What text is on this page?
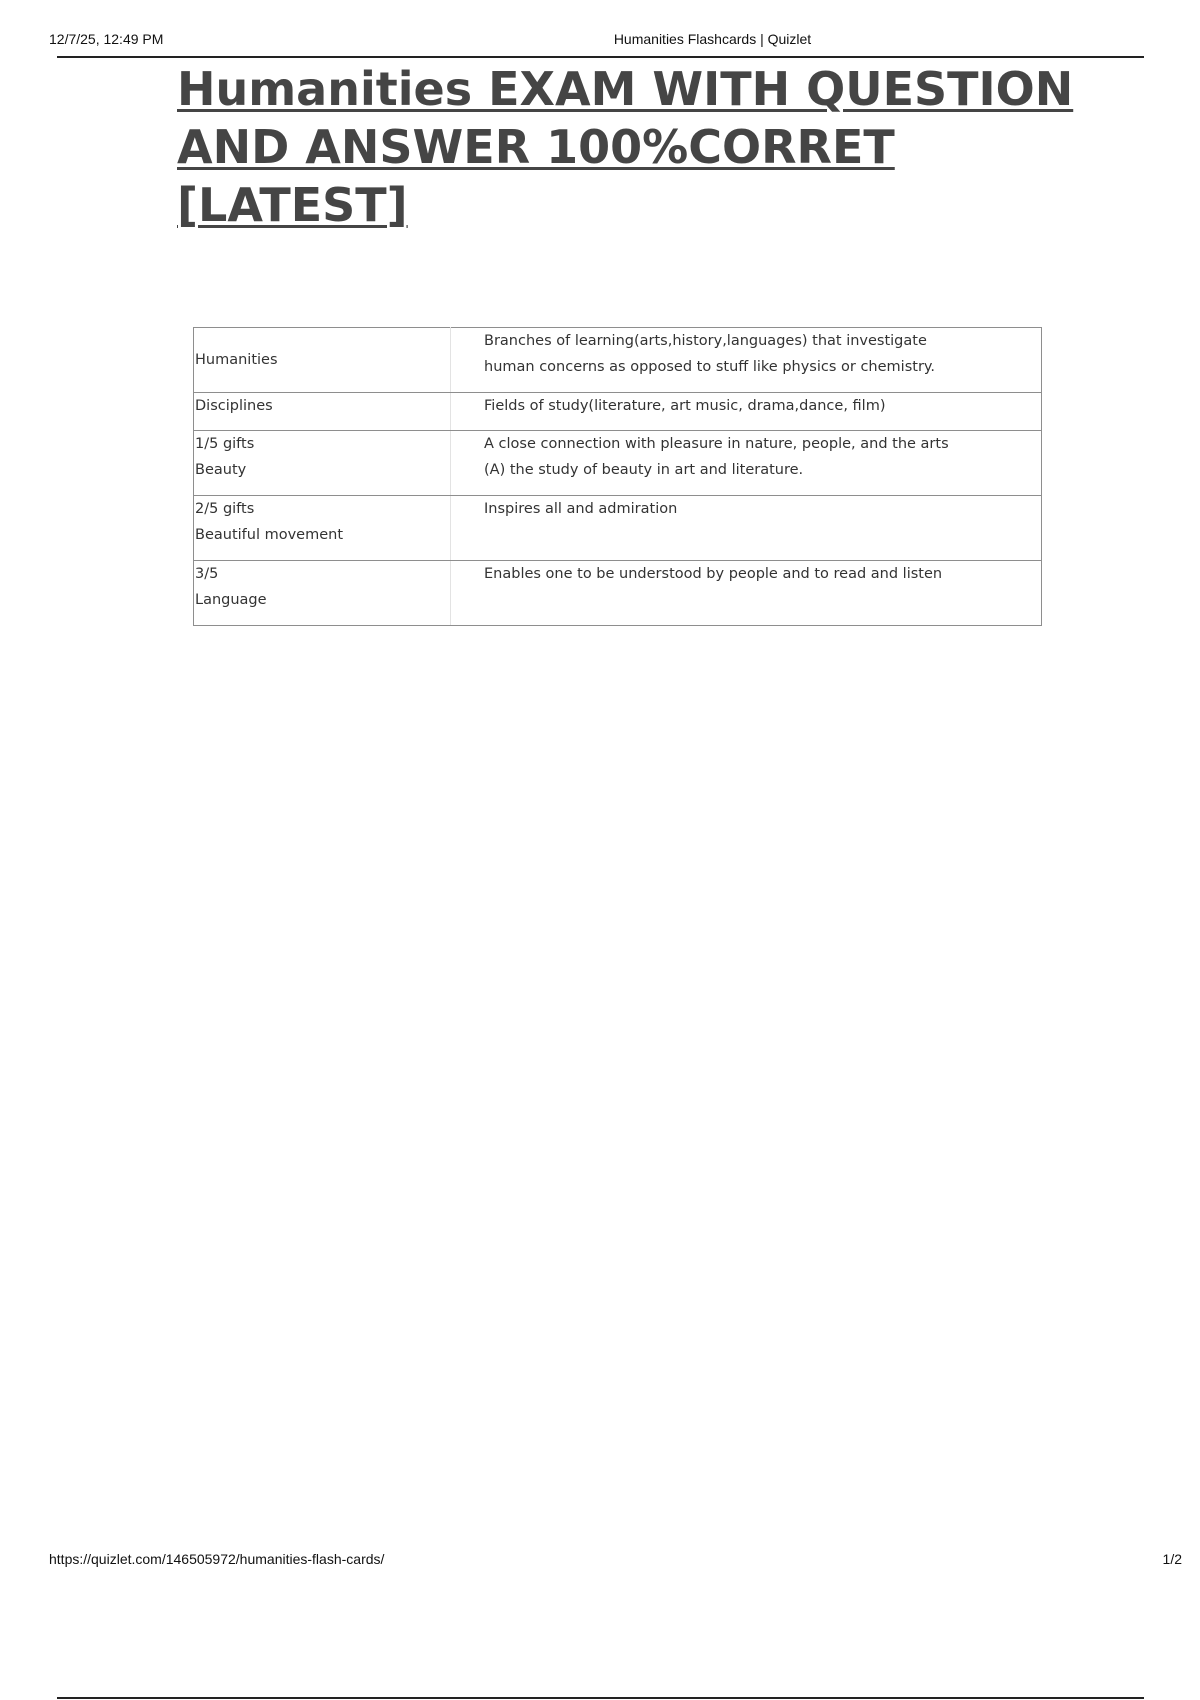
12/7/25, 12:49 PM	Humanities Flashcards | Quizlet
Humanities EXAM WITH QUESTION
AND ANSWER 100%CORRET
[LATEST]
Humanities	Branches of learning(arts,history,languages) that investigate
human concerns as opposed to stuff like physics or chemistry.

Disciplines	Fields of study(literature, art music, drama,dance, film)

1/5 gifts
Beauty	A close connection with pleasure in nature, people, and the arts
(A) the study of beauty in art and literature.

2/5 gifts
Beautiful movement	Inspires all and admiration

3/5
Language	Enables one to be understood by people and to read and listen
https://quizlet.com/146505972/humanities-flash-cards/	1/2
